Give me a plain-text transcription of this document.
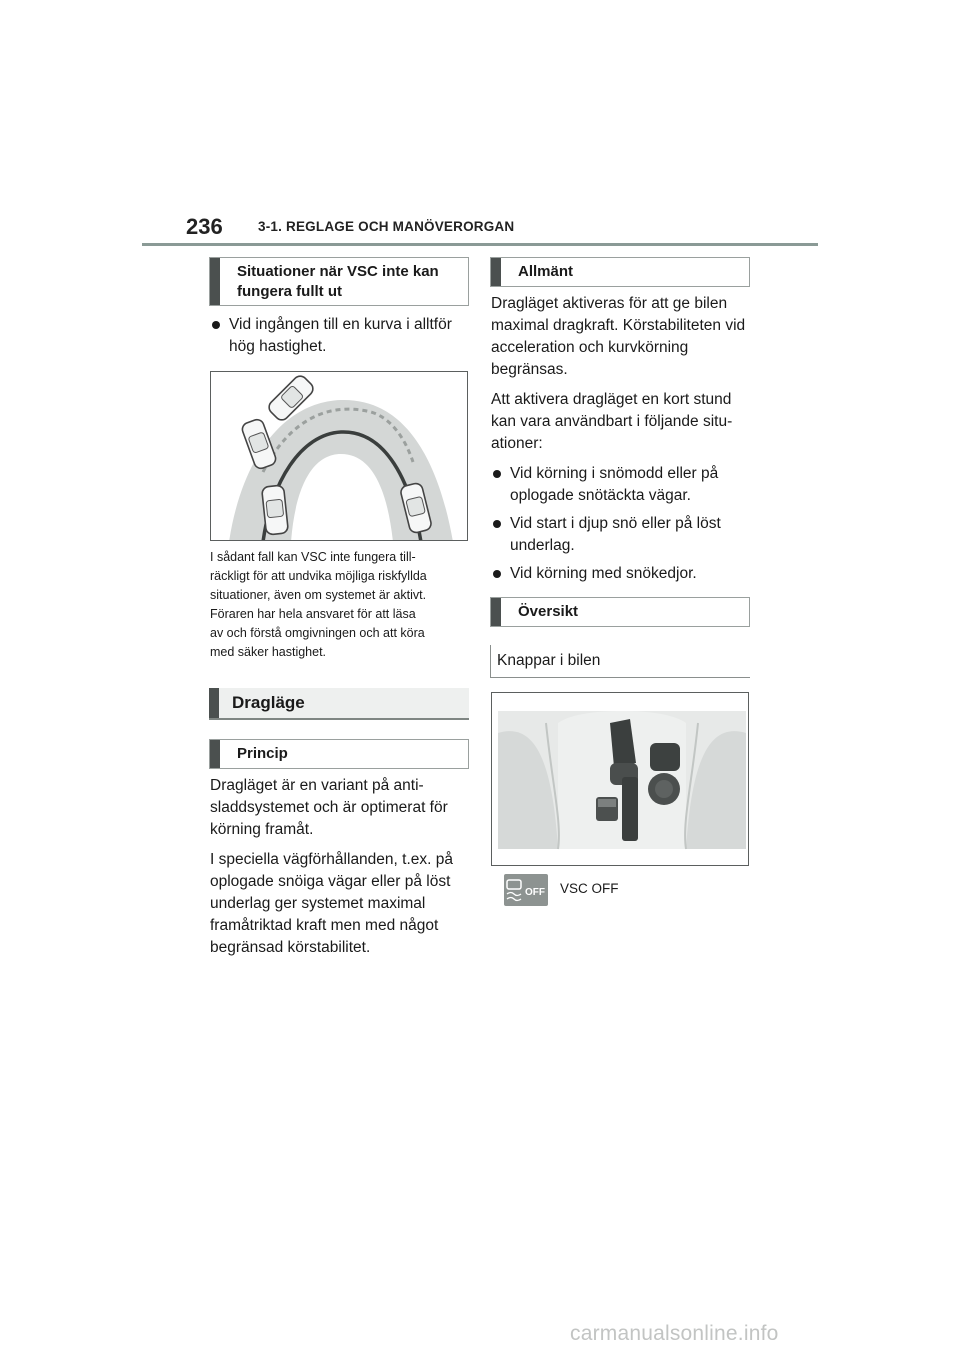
236	3-1. REGLAGE OCH MANÖVERORGAN
Situationer när VSC inte kan fungera fullt ut
Vid ingången till en kurva i alltför hög hastighet.
I sådant fall kan VSC inte fungera till-
räckligt för att undvika möjliga riskfyllda
situationer, även om systemet är aktivt.
Föraren har hela ansvaret för att läsa
av och förstå omgivningen och att köra
med säker hastighet.
Dragläge
Princip

Dragläget är en variant på anti-sladdsystemet och är optimerat för körning framåt.

I speciella vägförhållanden, t.ex. på oplogade snöiga vägar eller på löst underlag ger systemet maximal framåtriktad kraft men med något begränsad körstabilitet.

Allmänt

Dragläget aktiveras för att ge bilen maximal dragkraft. Körstabiliteten vid acceleration och kurvkörning begränsas.

Att aktivera dragläget en kort stund kan vara användbart i följande situ-ationer:

Vid körning i snömodd eller på oplogade snötäckta vägar.
Vid start i djup snö eller på löst underlag.
Vid körning med snökedjor.
Översikt
Knappar i bilen
OFF VSC OFF
carmanualsonline.info
